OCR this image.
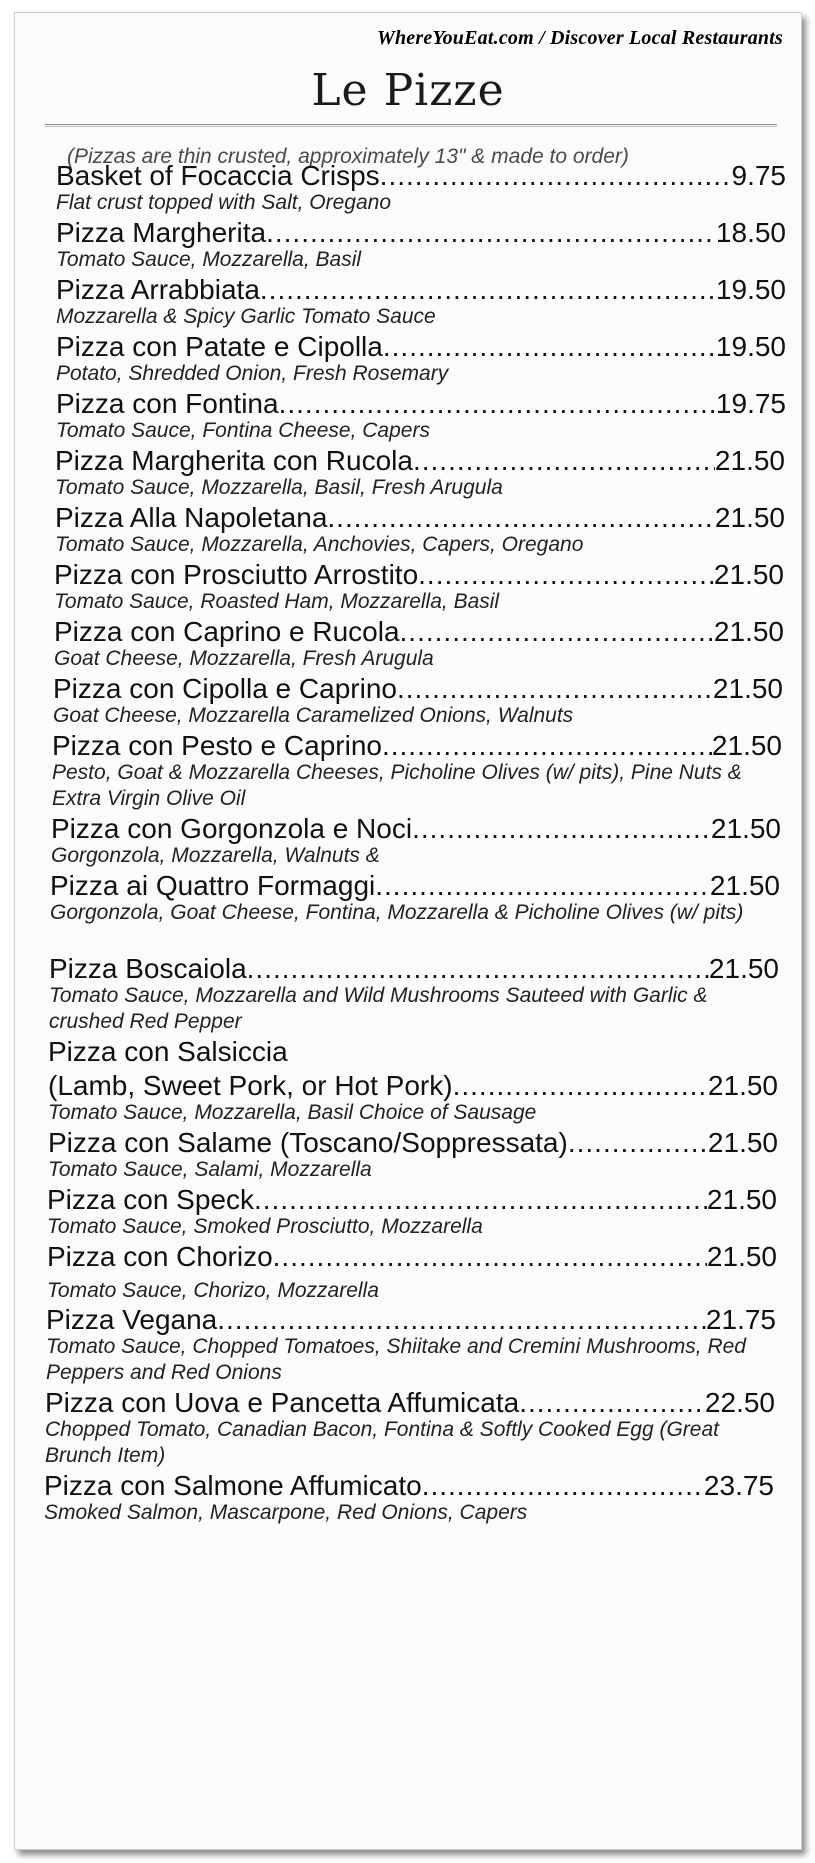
WhereYouEat.com / Discover Local Restaurants
Le Pizze
(Pizzas are thin crusted, approximately 13" & made to order)
Basket of Focaccia Crisps .....	9.75
Flat crust topped with Salt, Oregano
Pizza Margherita .....	18.50
Tomato Sauce, Mozzarella, Basil
Pizza Arrabbiata .....	19.50
Mozzarella & Spicy Garlic Tomato Sauce
Pizza con Patate e Cipolla .....	19.50
Potato, Shredded Onion, Fresh Rosemary
Pizza con Fontina .....	19.75
Tomato Sauce, Fontina Cheese, Capers
Pizza Margherita con Rucola .....	21.50
Tomato Sauce, Mozzarella, Basil, Fresh Arugula
Pizza Alla Napoletana .....	21.50
Tomato Sauce, Mozzarella, Anchovies, Capers, Oregano
Pizza con Prosciutto Arrostito .....	21.50
Tomato Sauce, Roasted Ham, Mozzarella, Basil
Pizza con Caprino e Rucola .....	21.50
Goat Cheese, Mozzarella, Fresh Arugula
Pizza con Cipolla e Caprino .....	21.50
Goat Cheese, Mozzarella Caramelized Onions, Walnuts
Pizza con Pesto e Caprino .....	21.50
Pesto, Goat & Mozzarella Cheeses, Picholine Olives (w/ pits), Pine Nuts & Extra Virgin Olive Oil
Pizza con Gorgonzola e Noci .....	21.50
Gorgonzola, Mozzarella, Walnuts &
Pizza ai Quattro Formaggi .....	21.50
Gorgonzola, Goat Cheese, Fontina, Mozzarella & Picholine Olives (w/ pits)
Pizza Boscaiola .....	21.50
Tomato Sauce, Mozzarella and Wild Mushrooms Sauteed with Garlic & crushed Red Pepper
Pizza con Salsiccia
(Lamb, Sweet Pork, or Hot Pork) .....	21.50
Tomato Sauce, Mozzarella, Basil Choice of Sausage
Pizza con Salame (Toscano/Soppressata) .....	21.50
Tomato Sauce, Salami, Mozzarella
Pizza con Speck .....	21.50
Tomato Sauce, Smoked Prosciutto, Mozzarella
Pizza con Chorizo .....	21.50
Tomato Sauce, Chorizo, Mozzarella
Pizza Vegana .....	21.75
Tomato Sauce, Chopped Tomatoes, Shiitake and Cremini Mushrooms, Red Peppers and Red Onions
Pizza con Uova e Pancetta Affumicata .....	22.50
Chopped Tomato, Canadian Bacon, Fontina & Softly Cooked Egg (Great Brunch Item)
Pizza con Salmone Affumicato .....	23.75
Smoked Salmon, Mascarpone, Red Onions, Capers
